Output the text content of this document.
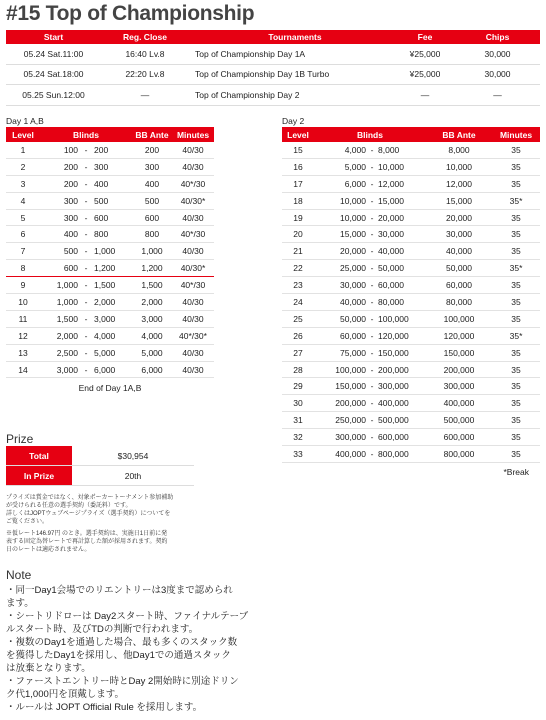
#15 Top of Championship
Start	Reg. Close	Tournaments	Fee	Chips
05.24 Sat.11:00	16:40 Lv.8	Top of Championship Day 1A	¥25,000	30,000
05.24 Sat.18:00	22:20 Lv.8	Top of Championship Day 1B Turbo	¥25,000	30,000
05.25 Sun.12:00	—	Top of Championship Day 2	—	—
Day 1 A,B
Level	Blinds			BB Ante	Minutes
1	100	-	200	200	40/30
2	200	-	300	300	40/30
3	200	-	400	400	40*/30
4	300	-	500	500	40/30*
5	300	-	600	600	40/30
6	400	-	800	800	40*/30
7	500	-	1,000	1,000	40/30
8	600	-	1,200	1,200	40/30*
9	1,000	-	1,500	1,500	40*/30
10	1,000	-	2,000	2,000	40/30
11	1,500	-	3,000	3,000	40/30
12	2,000	-	4,000	4,000	40*/30*
13	2,500	-	5,000	5,000	40/30
14	3,000	-	6,000	6,000	40/30
End of Day 1A,B
Day 2
Level	Blinds			BB Ante	Minutes
15	4,000	-	8,000	8,000	35
16	5,000	-	10,000	10,000	35
17	6,000	-	12,000	12,000	35
18	10,000	-	15,000	15,000	35*
19	10,000	-	20,000	20,000	35
20	15,000	-	30,000	30,000	35
21	20,000	-	40,000	40,000	35
22	25,000	-	50,000	50,000	35*
23	30,000	-	60,000	60,000	35
24	40,000	-	80,000	80,000	35
25	50,000	-	100,000	100,000	35
26	60,000	-	120,000	120,000	35*
27	75,000	-	150,000	150,000	35
28	100,000	-	200,000	200,000	35
29	150,000	-	300,000	300,000	35
30	200,000	-	400,000	400,000	35
31	250,000	-	500,000	500,000	35
32	300,000	-	600,000	600,000	35
33	400,000	-	800,000	800,000	35
*Break
Prize
Total	$30,954
In Prize	20th
プライズは賞金ではなく、対象ポーカートーナメント参加補助
が受けられる任意の選手契約（委託料）です。
詳しくはJOPTウェブページプライズ（選手契約）についてを
ご覧ください。
※仮レート146.97円 のとき。選手契約は、実施日1日前に発
表する固定為替レートで再計算した額が採用されます。契約
日のレートは適応されません。
Note
・同一Day1会場でのリエントリーは3度まで認められ
ます。
・シートリドローは Day2スタート時、ファイナルテーブ
ルスタート時、及びTDの判断で行われます。
・複数のDay1を通過した場合、最も多くのスタック数
を獲得したDay1を採用し、他Day1での通過スタック
は放棄となります。
・ファーストエントリー時とDay 2開始時に別途ドリン
ク代1,000円を頂戴します。
・ルールは JOPT Official Rule を採用します。
